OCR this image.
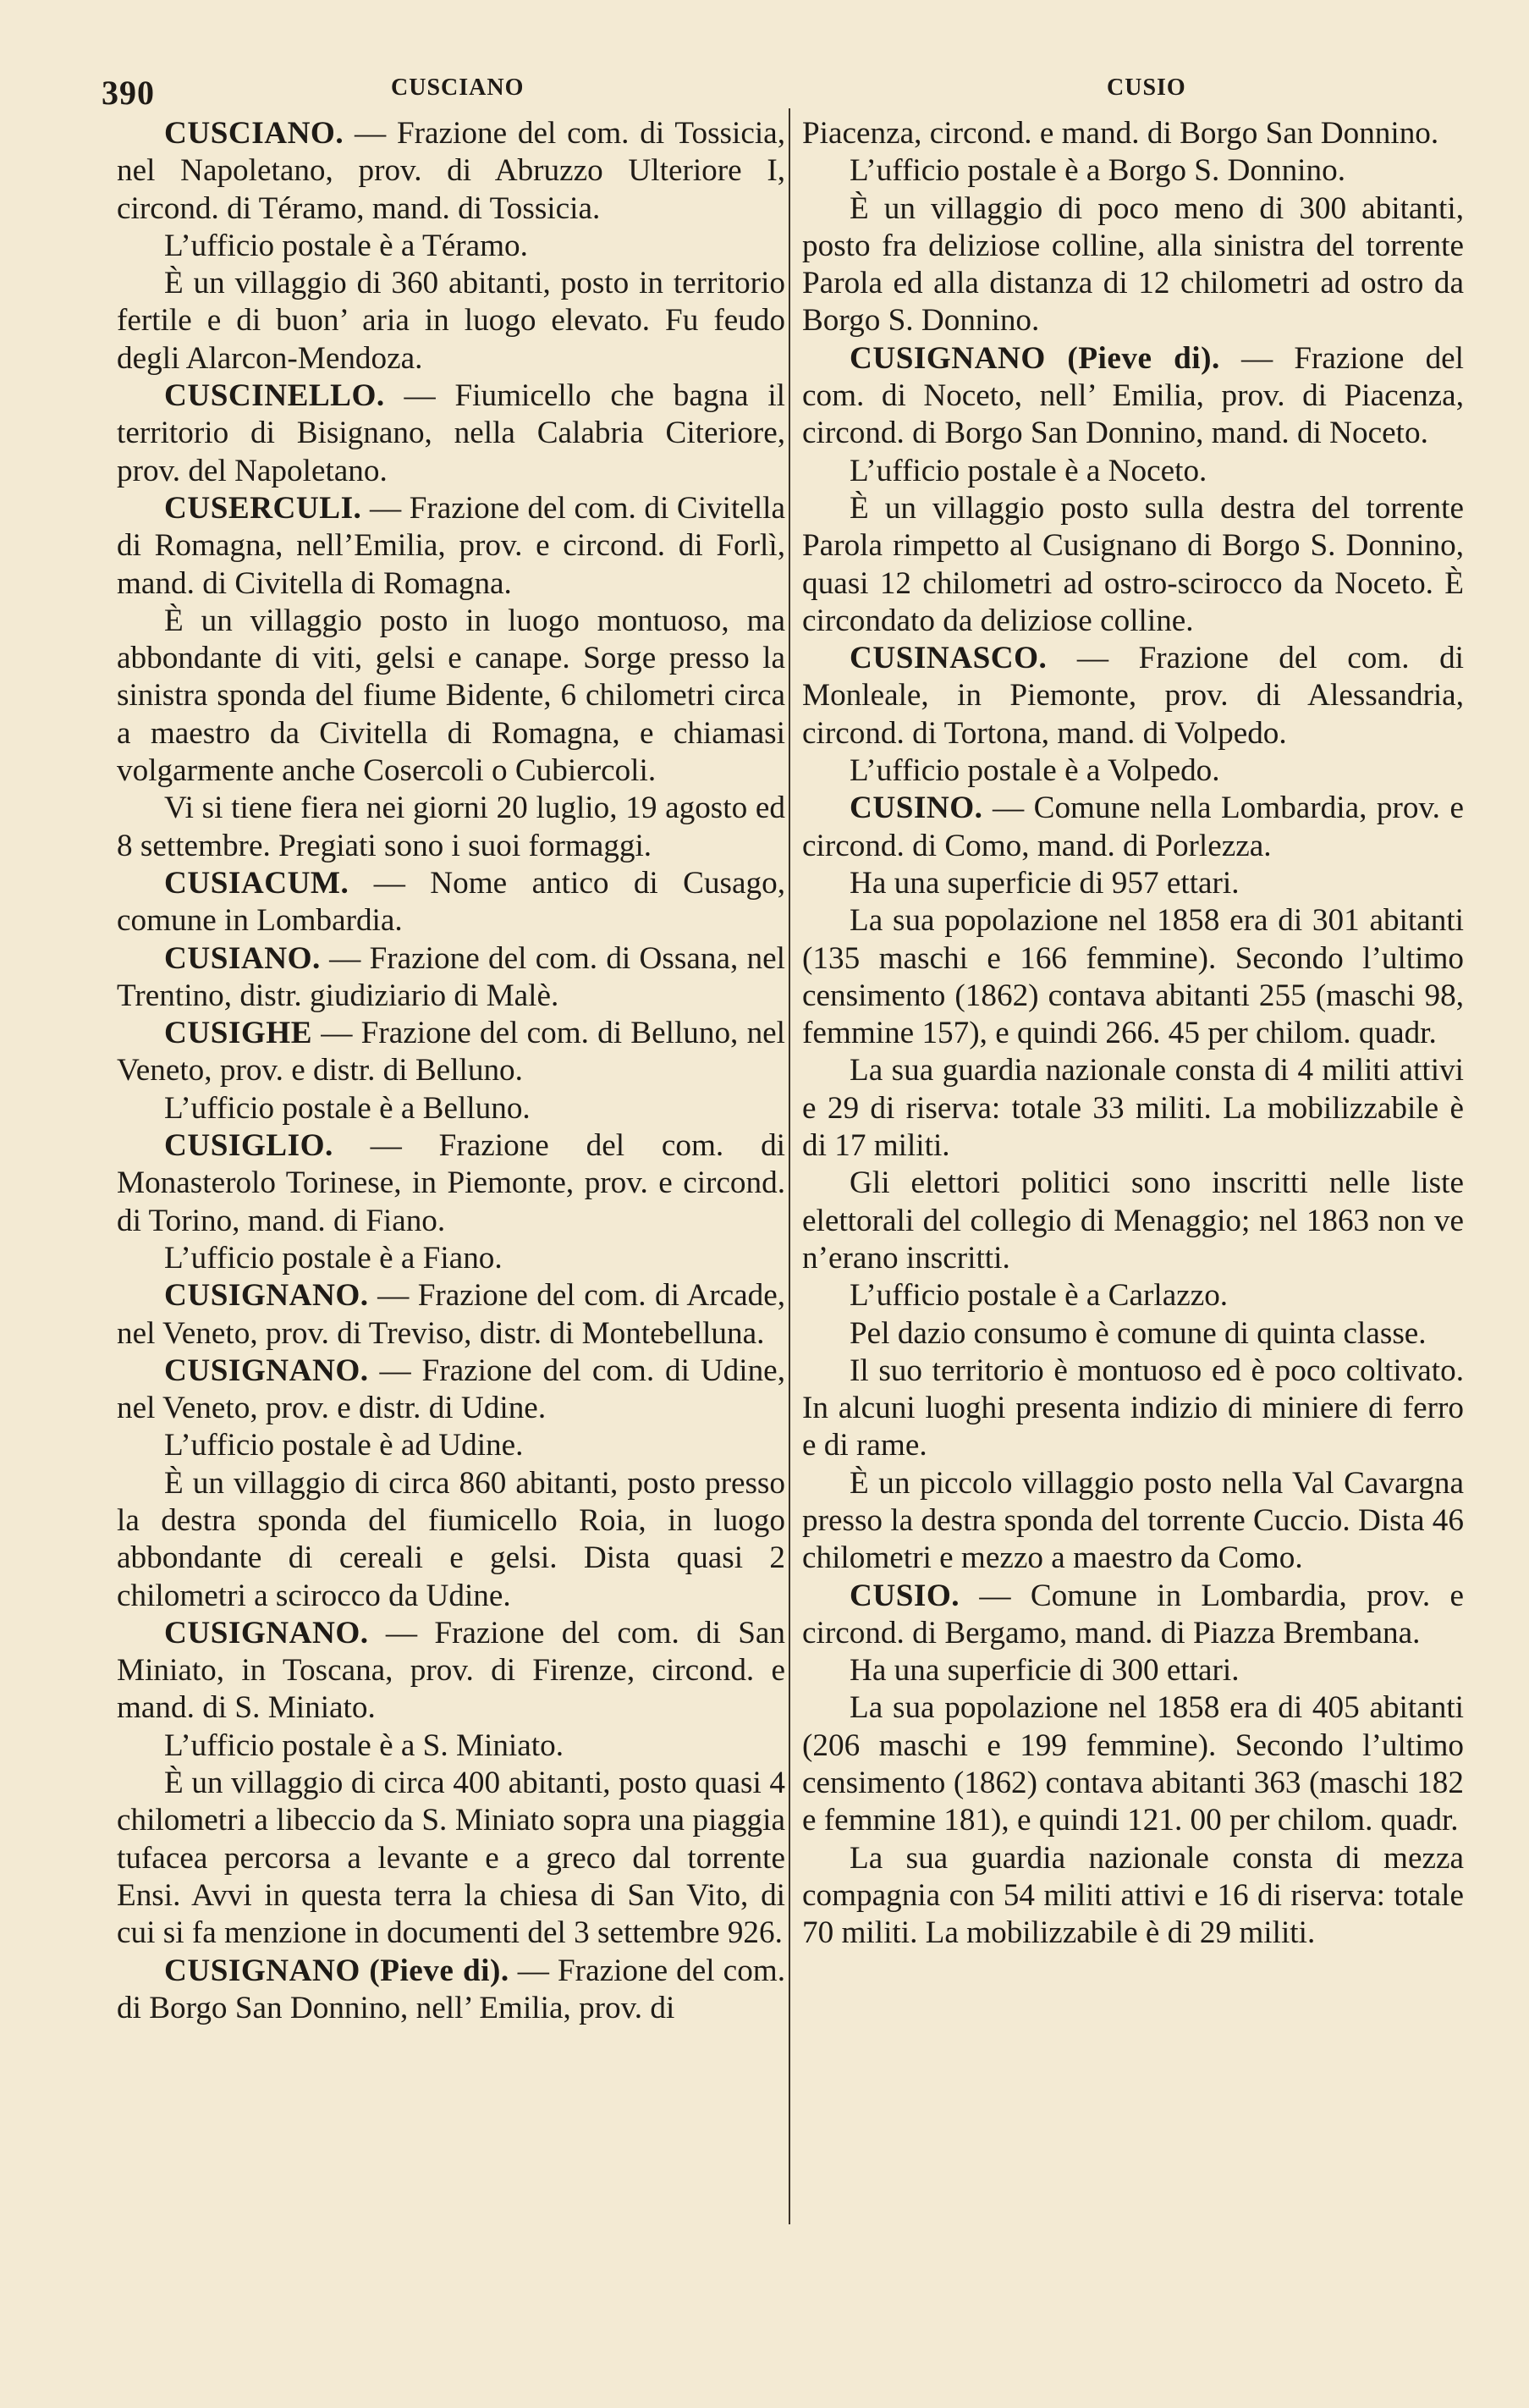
390	CUSCIANO	CUSIO

CUSCIANO. — Frazione del com. di Tossicia, nel Napoletano, prov. di Abruzzo Ulteriore I, circond. di Téramo, mand. di Tossicia.

L’ufficio postale è a Téramo.

È un villaggio di 360 abitanti, posto in territorio fertile e di buon’ aria in luogo elevato. Fu feudo degli Alarcon-Mendoza.

CUSCINELLO. — Fiumicello che bagna il territorio di Bisignano, nella Calabria Citeriore, prov. del Napoletano.

CUSERCULI. — Frazione del com. di Civitella di Romagna, nell’Emilia, prov. e circond. di Forlì, mand. di Civitella di Romagna.

È un villaggio posto in luogo montuoso, ma abbondante di viti, gelsi e canape. Sorge presso la sinistra sponda del fiume Bidente, 6 chilometri circa a maestro da Civitella di Romagna, e chiamasi volgarmente anche Cosercoli o Cubiercoli.

Vi si tiene fiera nei giorni 20 luglio, 19 agosto ed 8 settembre. Pregiati sono i suoi formaggi.

CUSIACUM. — Nome antico di Cusago, comune in Lombardia.

CUSIANO. — Frazione del com. di Ossana, nel Trentino, distr. giudiziario di Malè.

CUSIGHE — Frazione del com. di Belluno, nel Veneto, prov. e distr. di Belluno.

L’ufficio postale è a Belluno.

CUSIGLIO. — Frazione del com. di Monasterolo Torinese, in Piemonte, prov. e circond. di Torino, mand. di Fiano.

L’ufficio postale è a Fiano.

CUSIGNANO. — Frazione del com. di Arcade, nel Veneto, prov. di Treviso, distr. di Montebelluna.

CUSIGNANO. — Frazione del com. di Udine, nel Veneto, prov. e distr. di Udine.

L’ufficio postale è ad Udine.

È un villaggio di circa 860 abitanti, posto presso la destra sponda del fiumicello Roia, in luogo abbondante di cereali e gelsi. Dista quasi 2 chilometri a scirocco da Udine.

CUSIGNANO. — Frazione del com. di San Miniato, in Toscana, prov. di Firenze, circond. e mand. di S. Miniato.

L’ufficio postale è a S. Miniato.

È un villaggio di circa 400 abitanti, posto quasi 4 chilometri a libeccio da S. Miniato sopra una piaggia tufacea percorsa a levante e a greco dal torrente Ensi. Avvi in questa terra la chiesa di San Vito, di cui si fa menzione in documenti del 3 settembre 926.

CUSIGNANO (Pieve di). — Frazione del com. di Borgo San Donnino, nell’ Emilia, prov. di

Piacenza, circond. e mand. di Borgo San Donnino.

L’ufficio postale è a Borgo S. Donnino.

È un villaggio di poco meno di 300 abitanti, posto fra deliziose colline, alla sinistra del torrente Parola ed alla distanza di 12 chilometri ad ostro da Borgo S. Donnino.

CUSIGNANO (Pieve di). — Frazione del com. di Noceto, nell’ Emilia, prov. di Piacenza, circond. di Borgo San Donnino, mand. di Noceto.

L’ufficio postale è a Noceto.

È un villaggio posto sulla destra del torrente Parola rimpetto al Cusignano di Borgo S. Donnino, quasi 12 chilometri ad ostro-scirocco da Noceto. È circondato da deliziose colline.

CUSINASCO. — Frazione del com. di Monleale, in Piemonte, prov. di Alessandria, circond. di Tortona, mand. di Volpedo.

L’ufficio postale è a Volpedo.

CUSINO. — Comune nella Lombardia, prov. e circond. di Como, mand. di Porlezza.

Ha una superficie di 957 ettari.

La sua popolazione nel 1858 era di 301 abitanti (135 maschi e 166 femmine). Secondo l’ultimo censimento (1862) contava abitanti 255 (maschi 98, femmine 157), e quindi 266. 45 per chilom. quadr.

La sua guardia nazionale consta di 4 militi attivi e 29 di riserva: totale 33 militi. La mobilizzabile è di 17 militi.

Gli elettori politici sono inscritti nelle liste elettorali del collegio di Menaggio; nel 1863 non ve n’erano inscritti.

L’ufficio postale è a Carlazzo.

Pel dazio consumo è comune di quinta classe.

Il suo territorio è montuoso ed è poco coltivato. In alcuni luoghi presenta indizio di miniere di ferro e di rame.

È un piccolo villaggio posto nella Val Cavargna presso la destra sponda del torrente Cuccio. Dista 46 chilometri e mezzo a maestro da Como.

CUSIO. — Comune in Lombardia, prov. e circond. di Bergamo, mand. di Piazza Brembana.

Ha una superficie di 300 ettari.

La sua popolazione nel 1858 era di 405 abitanti (206 maschi e 199 femmine). Secondo l’ultimo censimento (1862) contava abitanti 363 (maschi 182 e femmine 181), e quindi 121. 00 per chilom. quadr.

La sua guardia nazionale consta di mezza compagnia con 54 militi attivi e 16 di riserva: totale 70 militi. La mobilizzabile è di 29 militi.
